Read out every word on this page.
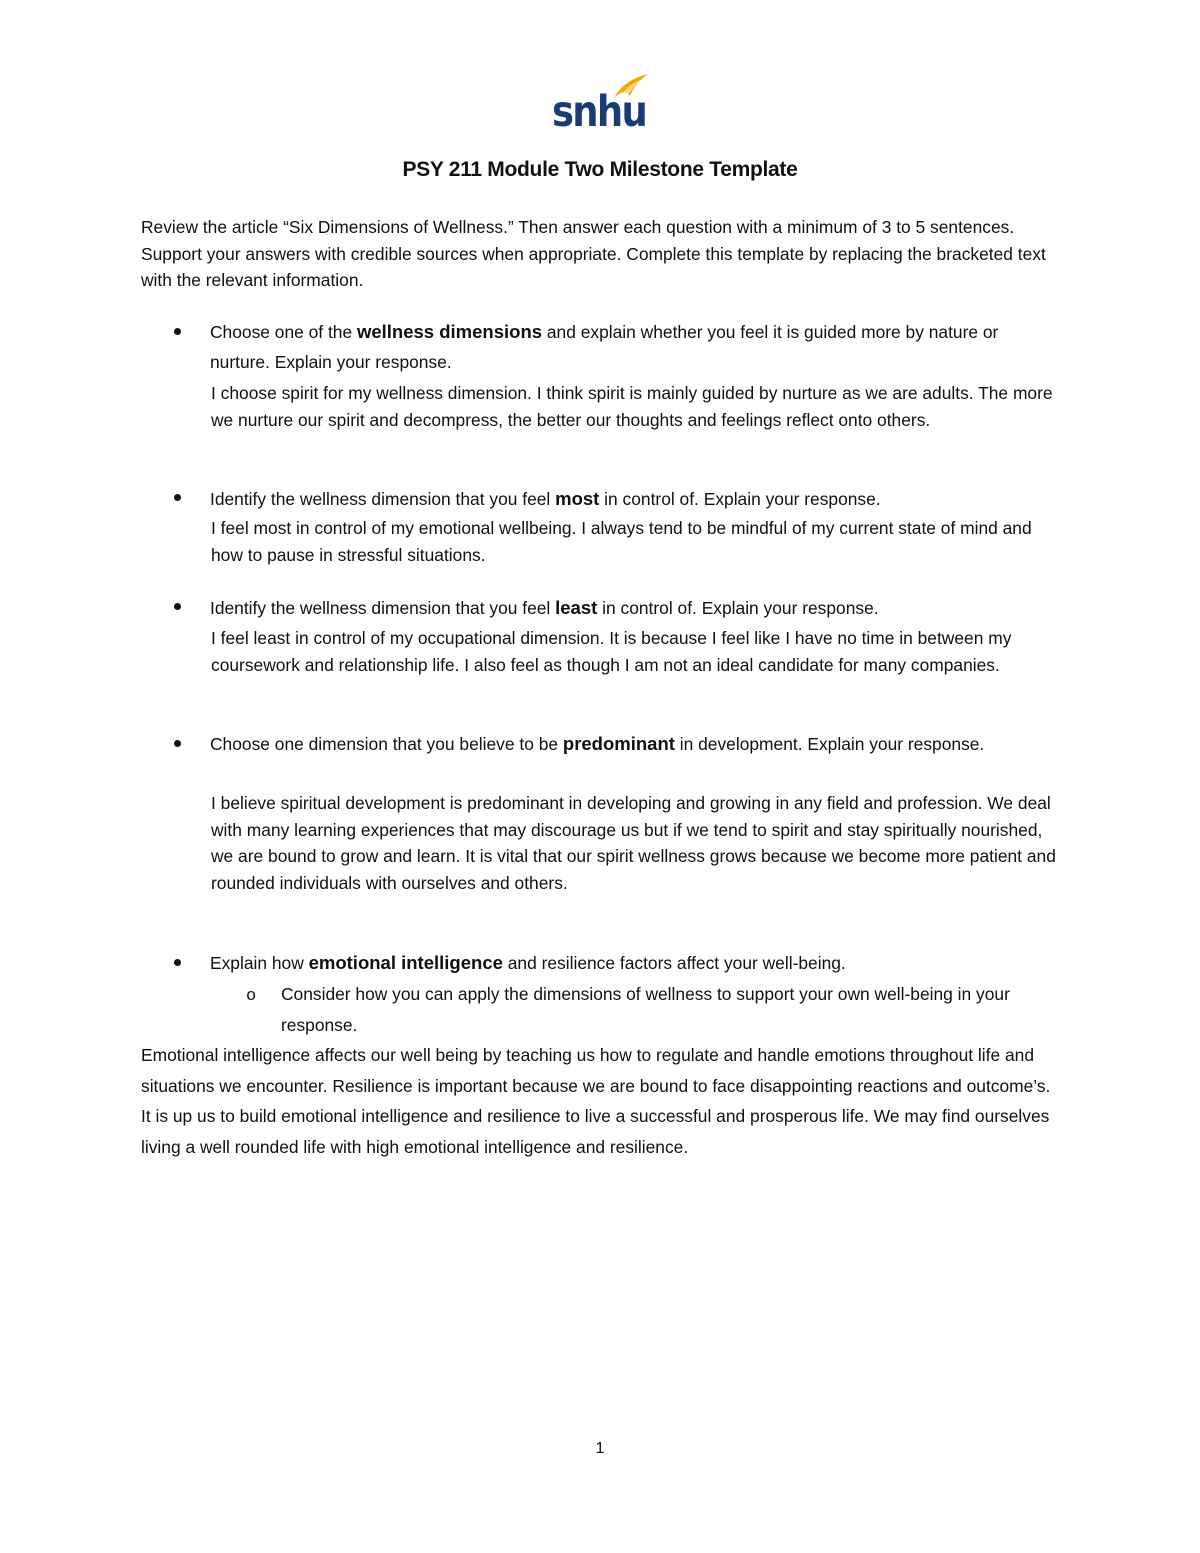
snhu
PSY 211 Module Two Milestone Template

Review the article “Six Dimensions of Wellness.” Then answer each question with a minimum of 3 to 5 sentences. Support your answers with credible sources when appropriate. Complete this template by replacing the bracketed text with the relevant information.

Choose one of the wellness dimensions and explain whether you feel it is guided more by nature or nurture. Explain your response.

I choose spirit for my wellness dimension. I think spirit is mainly guided by nurture as we are adults. The more we nurture our spirit and decompress, the better our thoughts and feelings reflect onto others.

Identify the wellness dimension that you feel most in control of. Explain your response.

I feel most in control of my emotional wellbeing. I always tend to be mindful of my current state of mind and how to pause in stressful situations.

Identify the wellness dimension that you feel least in control of. Explain your response.

I feel least in control of my occupational dimension. It is because I feel like I have no time in between my coursework and relationship life. I also feel as though I am not an ideal candidate for many companies.

Choose one dimension that you believe to be predominant in development. Explain your response.

I believe spiritual development is predominant in developing and growing in any field and profession. We deal with many learning experiences that may discourage us but if we tend to spirit and stay spiritually nourished, we are bound to grow and learn. It is vital that our spirit wellness grows because we become more patient and rounded individuals with ourselves and others.

Explain how emotional intelligence and resilience factors affect your well-being.

o Consider how you can apply the dimensions of wellness to support your own well-being in your response.

Emotional intelligence affects our well being by teaching us how to regulate and handle emotions throughout life and situations we encounter. Resilience is important because we are bound to face disappointing reactions and outcome’s. It is up us to build emotional intelligence and resilience to live a successful and prosperous life. We may find ourselves living a well rounded life with high emotional intelligence and resilience.

1
